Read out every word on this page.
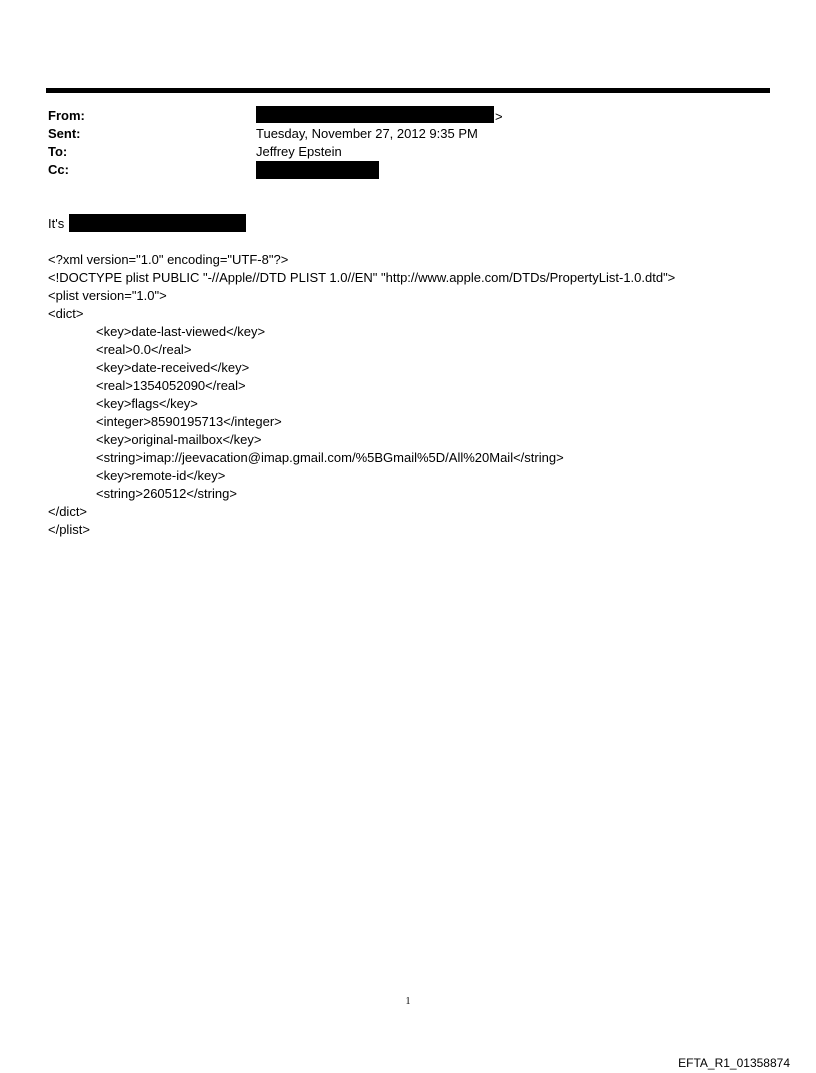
From:	>
Sent:	Tuesday, November 27, 2012 9:35 PM
To:	Jeffrey Epstein
Cc:
It's
<?xml version="1.0" encoding="UTF-8"?>
<!DOCTYPE plist PUBLIC "-//Apple//DTD PLIST 1.0//EN" "http://www.apple.com/DTDs/PropertyList-1.0.dtd">
<plist version="1.0">
<dict>
<key>date-last-viewed</key>
<real>0.0</real>
<key>date-received</key>
<real>1354052090</real>
<key>flags</key>
<integer>8590195713</integer>
<key>original-mailbox</key>
<string>imap://jeevacation@imap.gmail.com/%5BGmail%5D/All%20Mail</string>
<key>remote-id</key>
<string>260512</string>
</dict>
</plist>
1
EFTA_R1_01358874
